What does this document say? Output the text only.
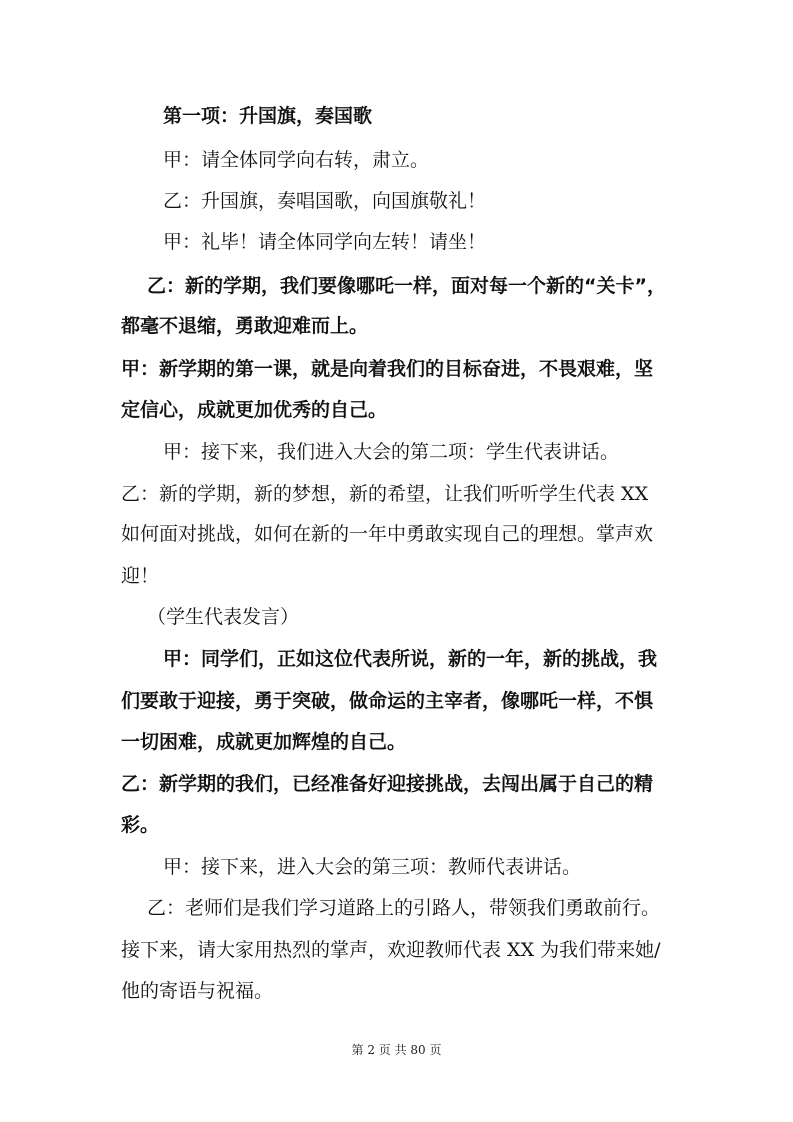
第一项：升国旗，奏国歌
甲：请全体同学向右转，肃立。
乙：升国旗，奏唱国歌，向国旗敬礼！
甲：礼毕！请全体同学向左转！请坐！
乙：新的学期，我们要像哪吒一样，面对每一个新的“关卡”，
都毫不退缩，勇敢迎难而上。
甲：新学期的第一课，就是向着我们的目标奋进，不畏艰难，坚
定信心，成就更加优秀的自己。
甲：接下来，我们进入大会的第二项：学生代表讲话。
乙：新的学期，新的梦想，新的希望，让我们听听学生代表 XX
如何面对挑战，如何在新的一年中勇敢实现自己的理想。掌声欢
迎！
（学生代表发言）
甲：同学们，正如这位代表所说，新的一年，新的挑战，我
们要敢于迎接，勇于突破，做命运的主宰者，像哪吒一样，不惧
一切困难，成就更加辉煌的自己。
乙：新学期的我们，已经准备好迎接挑战，去闯出属于自己的精
彩。
甲：接下来，进入大会的第三项：教师代表讲话。
乙：老师们是我们学习道路上的引路人，带领我们勇敢前行。
接下来，请大家用热烈的掌声，欢迎教师代表 XX 为我们带来她/
他的寄语与祝福。
第 2 页 共 80 页
